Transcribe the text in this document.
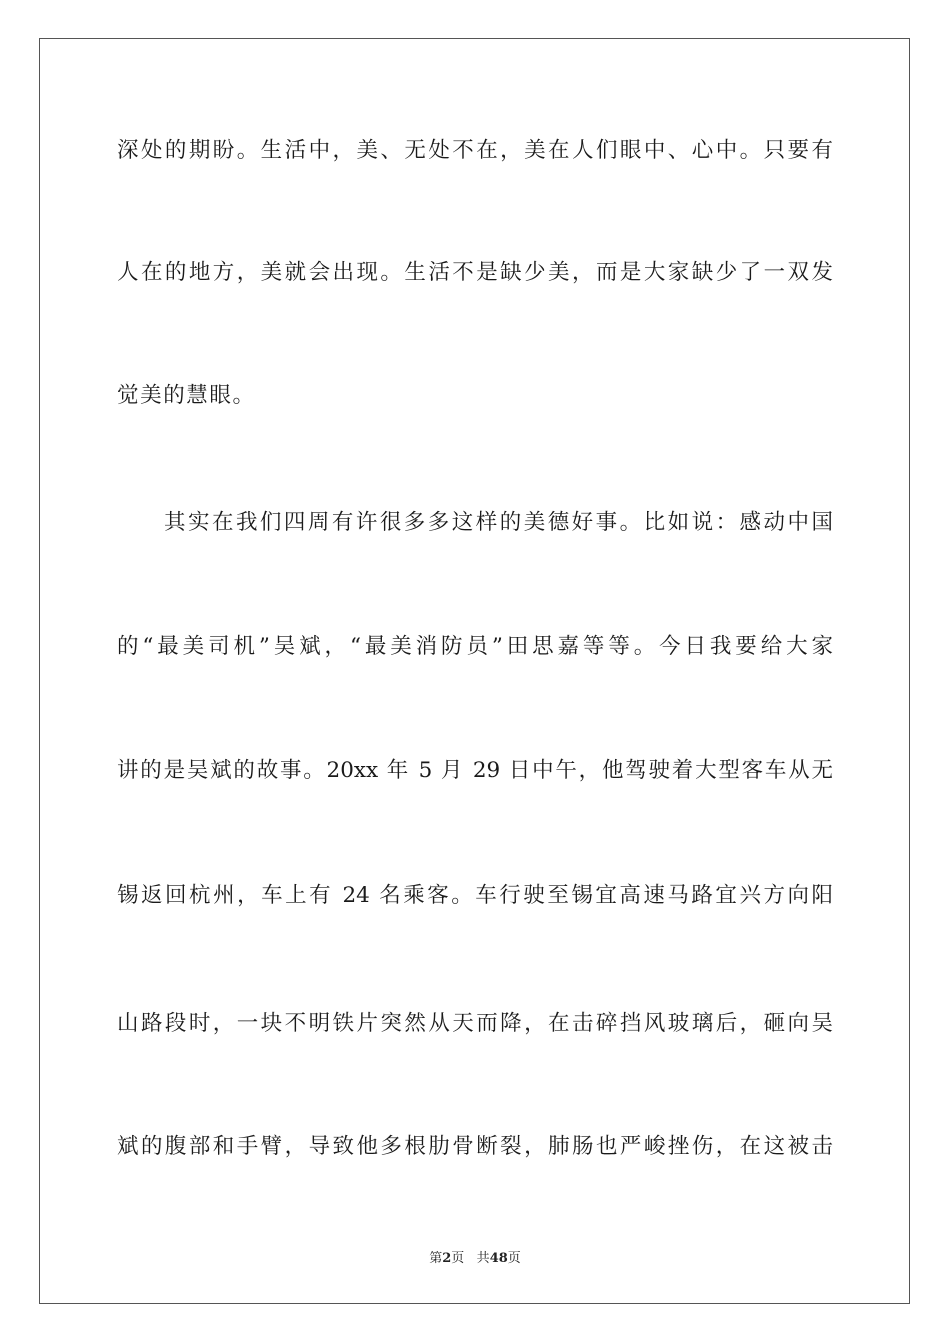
深处的期盼。生活中，美、无处不在，美在人们眼中、心中。只要有
人在的地方，美就会出现。生活不是缺少美，而是大家缺少了一双发
觉美的慧眼。
其实在我们四周有许很多多这样的美德好事。比如说：感动中国
的“最美司机”吴斌，“最美消防员”田思嘉等等。今日我要给大家
讲的是吴斌的故事。20xx 年 5 月 29 日中午，他驾驶着大型客车从无
锡返回杭州，车上有 24 名乘客。车行驶至锡宜高速马路宜兴方向阳
山路段时，一块不明铁片突然从天而降，在击碎挡风玻璃后，砸向吴
斌的腹部和手臂，导致他多根肋骨断裂，肺肠也严峻挫伤，在这被击
第2页 共48页
